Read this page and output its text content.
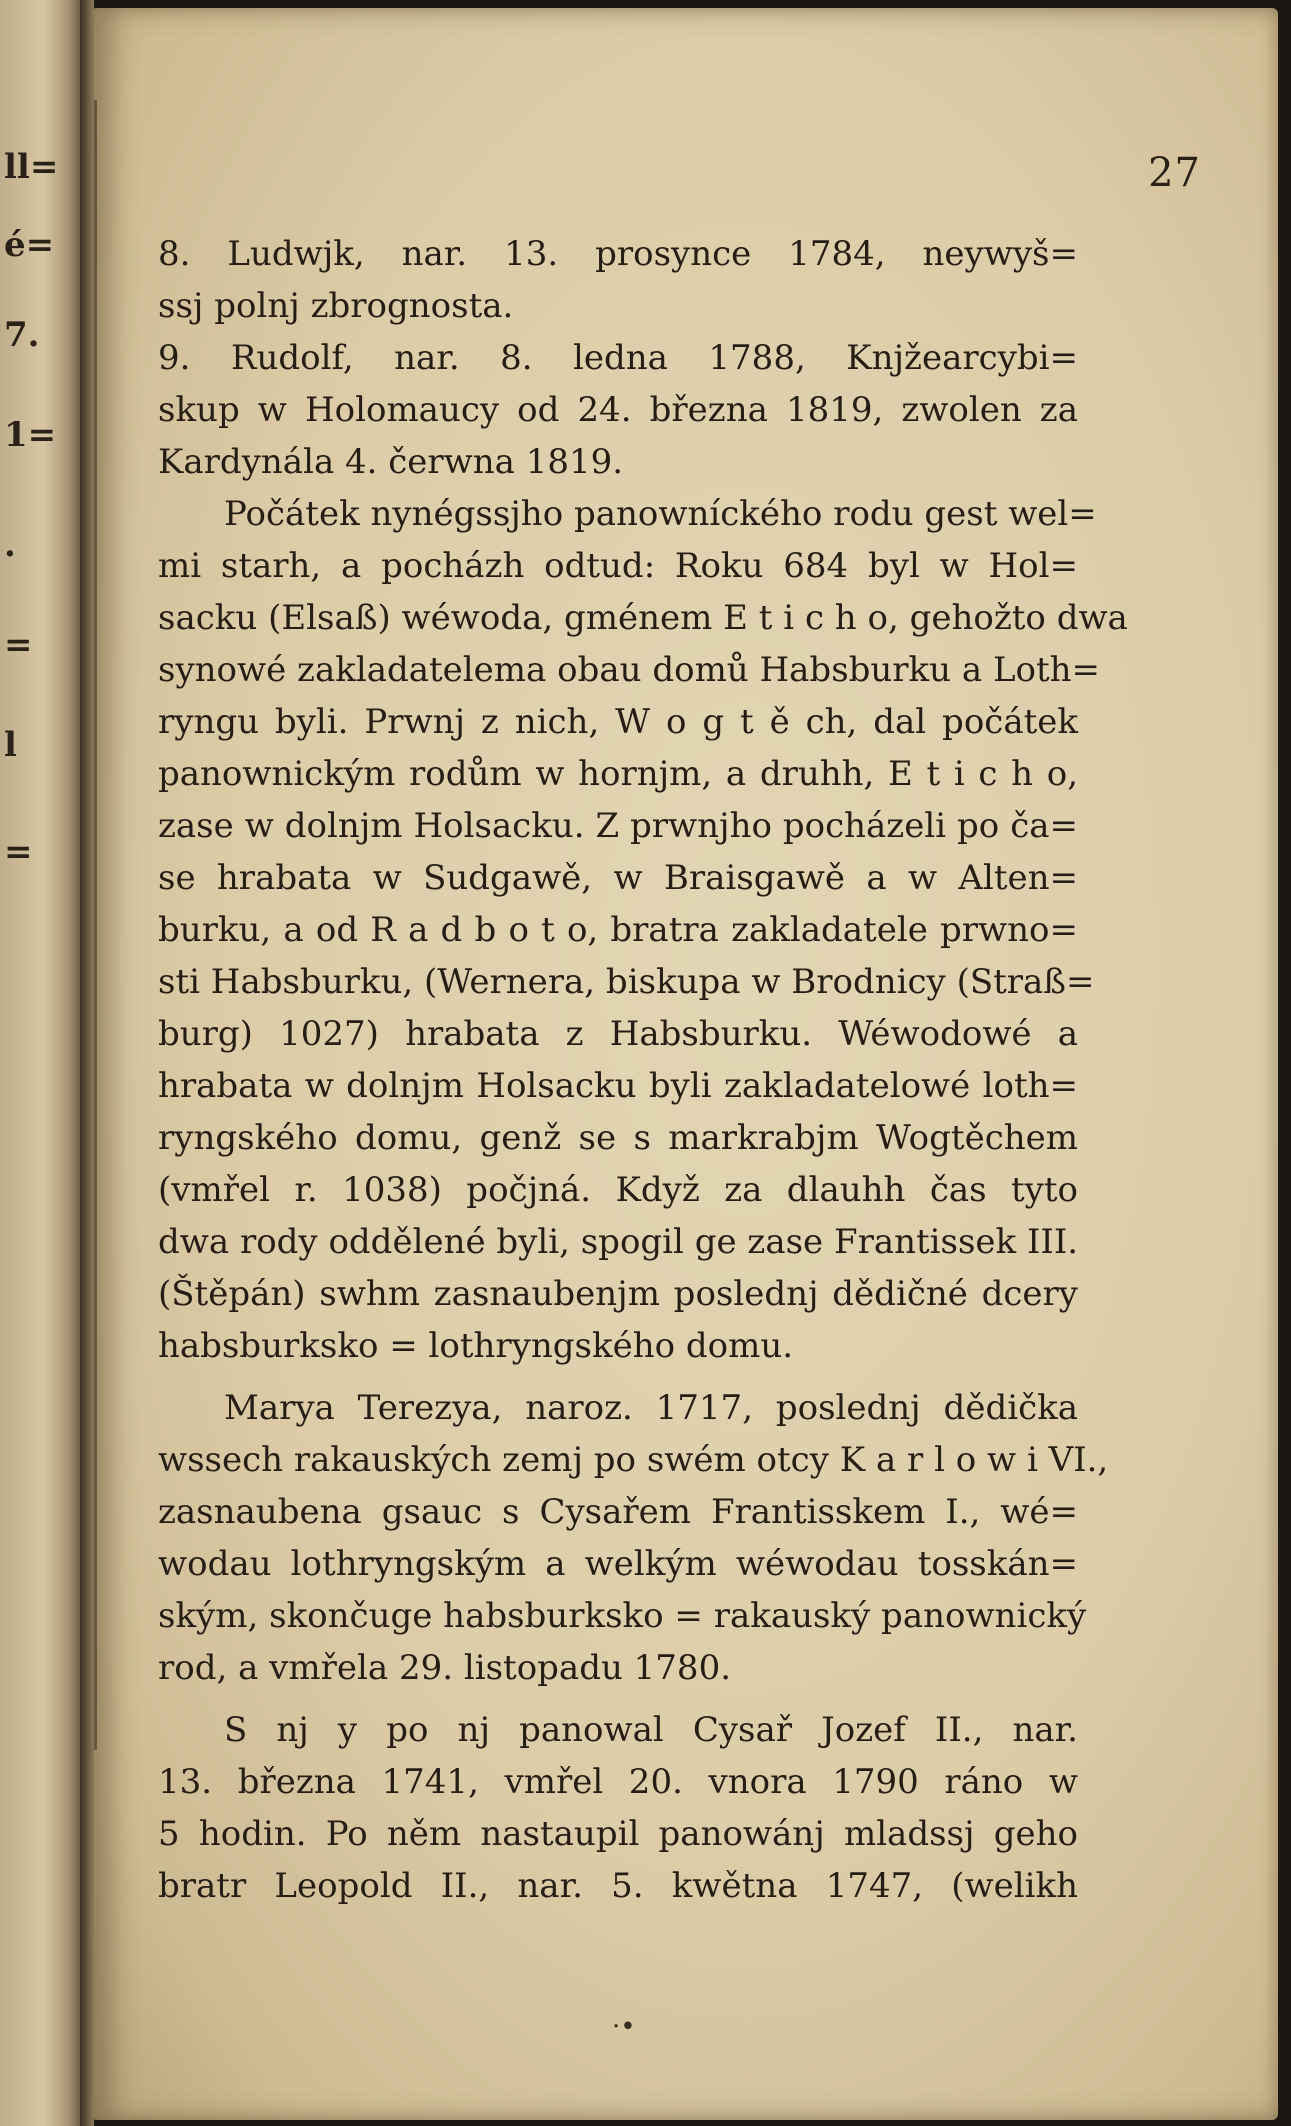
ll=
é=
7.
1=
.
=
l
=
27
8. Ludwjk, nar. 13. prosynce 1784, neywyš=
ssj polnj zbrognosta.
9. Rudolf, nar. 8. ledna 1788, Knjžearcybi=
skup w Holomaucy od 24. března 1819, zwolen za
Kardynála 4. čerwna 1819.
Počátek nynégssjho panowníckého rodu gest wel=
mi starh, a pocházh odtud: Roku 684 byl w Hol=
sacku (Elsaß) wéwoda, gménem E t i c h o, gehožto dwa
synowé zakladatelema obau domů Habsburku a Loth=
ryngu byli. Prwnj z nich, W o g t ě ch, dal počátek
panownickým rodům w hornjm, a druhh, E t i c h o,
zase w dolnjm Holsacku. Z prwnjho pocházeli po ča=
se hrabata w Sudgawě, w Braisgawě a w Alten=
burku, a od R a d b o t o, bratra zakladatele prwno=
sti Habsburku, (Wernera, biskupa w Brodnicy (Straß=
burg) 1027) hrabata z Habsburku. Wéwodowé a
hrabata w dolnjm Holsacku byli zakladatelowé loth=
ryngského domu, genž se s markrabjm Wogtěchem
(vmřel r. 1038) počjná. Když za dlauhh čas tyto
dwa rody oddělené byli, spogil ge zase Frantissek III.
(Štěpán) swhm zasnaubenjm poslednj dědičné dcery
habsburksko = lothryngského domu.
Marya Terezya, naroz. 1717, poslednj dědička
wssech rakauských zemj po swém otcy K a r l o w i VI.,
zasnaubena gsauc s Cysařem Frantisskem I., wé=
wodau lothryngským a welkým wéwodau tosskán=
ským, skončuge habsburksko = rakauský panownický
rod, a vmřela 29. listopadu 1780.
S nj y po nj panowal Cysař Jozef II., nar.
13. března 1741, vmřel 20. vnora 1790 ráno w
5 hodin. Po něm nastaupil panowánj mladssj geho
bratr Leopold II., nar. 5. kwětna 1747, (welikh
·•
